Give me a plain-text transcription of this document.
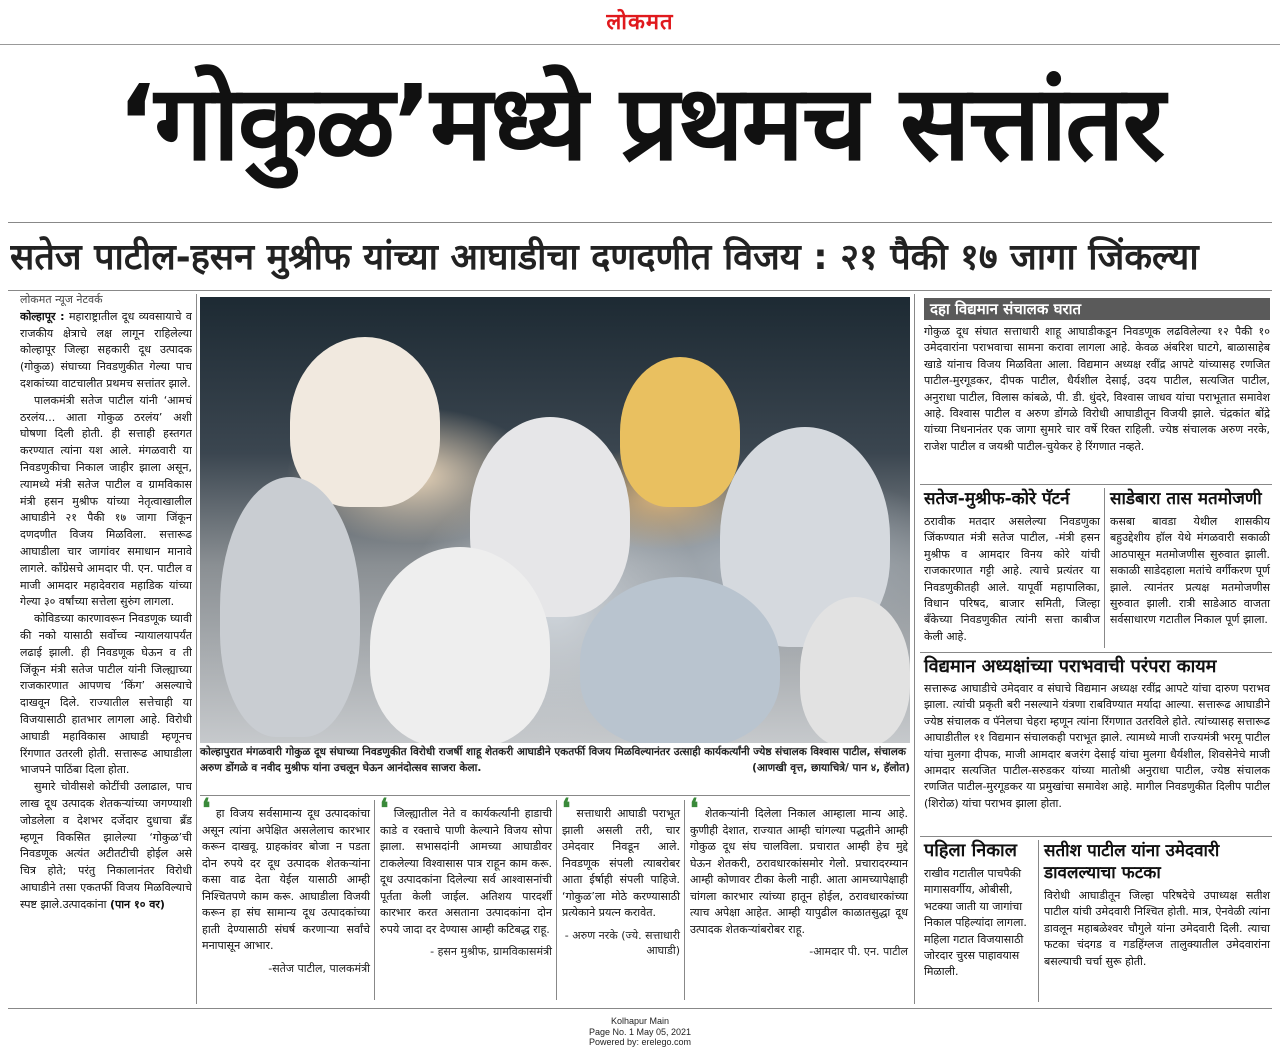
लोकमत
‘गोकुळ’मध्ये प्रथमच सत्तांतर
सतेज पाटील-हसन मुश्रीफ यांच्या आघाडीचा दणदणीत विजय : २१ पैकी १७ जागा जिंकल्या
लोकमत न्यूज नेटवर्क

कोल्हापूर : महाराष्ट्रातील दूध व्यवसायाचे व राजकीय क्षेत्राचे लक्ष लागून राहिलेल्या कोल्हापूर जिल्हा सहकारी दूध उत्पादक (गोकुळ) संघाच्या निवडणुकीत गेल्या पाच दशकांच्या वाटचालीत प्रथमच सत्तांतर झाले.

पालकमंत्री सतेज पाटील यांनी ‘आमचं ठरलंय... आता गोकुळ ठरलंय’ अशी घोषणा दिली होती. ही सत्ताही हस्तगत करण्यात त्यांना यश आले. मंगळवारी या निवडणुकीचा निकाल जाहीर झाला असून, त्यामध्ये मंत्री सतेज पाटील व ग्रामविकास मंत्री हसन मुश्रीफ यांच्या नेतृत्वाखालील आघाडीने २१ पैकी १७ जागा जिंकून दणदणीत विजय मिळविला. सत्तारूढ आघाडीला चार जागांवर समाधान मानावे लागले. काँग्रेसचे आमदार पी. एन. पाटील व माजी आमदार महादेवराव महाडिक यांच्या गेल्या ३० वर्षांच्या सत्तेला सुरुंग लागला.

कोविडच्या कारणावरून निवडणूक घ्यावी की नको यासाठी सर्वोच्च न्यायालयापर्यंत लढाई झाली. ही निवडणूक घेऊन व ती जिंकून मंत्री सतेज पाटील यांनी जिल्ह्याच्या राजकारणात आपणच ‘किंग’ असल्याचे दाखवून दिले. राज्यातील सत्तेचाही या विजयासाठी हातभार लागला आहे. विरोधी आघाडी महाविकास आघाडी म्हणूनच रिंगणात उतरली होती. सत्तारूढ आघाडीला भाजपने पाठिंबा दिला होता.

सुमारे चोवीसशे कोटींची उलाढाल, पाच लाख दूध उत्पादक शेतकऱ्यांच्या जगण्याशी जोडलेला व देशभर दर्जेदार दुधाचा ब्रँड म्हणून विकसित झालेल्या ‘गोकुळ’ची निवडणूक अत्यंत अटीतटीची होईल असे चित्र होते; परंतु निकालानंतर विरोधी आघाडीने तसा एकतर्फी विजय मिळविल्याचे स्पष्ट झाले.उत्पादकांना (पान १० वर)

कोल्हापुरात मंगळवारी गोकुळ दूध संघाच्या निवडणुकीत विरोधी राजर्षी शाहू शेतकरी आघाडीने एकतर्फी विजय मिळविल्यानंतर उत्साही कार्यकर्त्यांनी ज्येष्ठ संचालक विश्वास पाटील, संचालक अरुण डोंगळे व नवीद मुश्रीफ यांना उचलून घेऊन आनंदोत्सव साजरा केला.	(आणखी वृत्त, छायाचित्रे/ पान ४, हॅलोत)
❛ हा विजय सर्वसामान्य दूध उत्पादकांचा असून त्यांना अपेक्षित असलेलाच कारभार करून दाखवू. ग्राहकांवर बोजा न पडता दोन रुपये दर दूध उत्पादक शेतकऱ्यांना कसा वाढ देता येईल यासाठी आम्ही निश्चितपणे काम करू. आघाडीला विजयी करून हा संघ सामान्य दूध उत्पादकांच्या हाती देण्यासाठी संघर्ष करणाऱ्या सर्वांचे मनापासून आभार.
-सतेज पाटील, पालकमंत्री
❛ जिल्ह्यातील नेते व कार्यकर्त्यांनी हाडाची काडे व रक्ताचे पाणी केल्याने विजय सोपा झाला. सभासदांनी आमच्या आघाडीवर टाकलेल्या विश्वासास पात्र राहून काम करू. दूध उत्पादकांना दिलेल्या सर्व आश्वासनांची पूर्तता केली जाईल. अतिशय पारदर्शी कारभार करत असताना उत्पादकांना दोन रुपये जादा दर देण्यास आम्ही कटिबद्ध राहू.
- हसन मुश्रीफ, ग्रामविकासमंत्री
❛ सत्ताधारी आघाडी पराभूत झाली असली तरी, चार उमेदवार निवडून आले. निवडणूक संपली त्याबरोबर आता ईर्षाही संपली पाहिजे. ‘गोकुळ’ला मोठे करण्यासाठी प्रत्येकाने प्रयत्न करावेत.
- अरुण नरके (ज्ये. सत्ताधारी आघाडी)
❛ शेतकऱ्यांनी दिलेला निकाल आम्हाला मान्य आहे. कुणीही देशात, राज्यात आम्ही चांगल्या पद्धतीने आम्ही गोकुळ दूध संघ चालविला. प्रचारात आम्ही हेच मुद्दे घेऊन शेतकरी, ठरावधारकांसमोर गेलो. प्रचारादरम्यान आम्ही कोणावर टीका केली नाही. आता आमच्यापेक्षाही चांगला कारभार त्यांच्या हातून होईल, ठरावधारकांच्या त्याच अपेक्षा आहेत. आम्ही यापुढील काळातसुद्धा दूध उत्पादक शेतकऱ्यांबरोबर राहू.
-आमदार पी. एन. पाटील
दहा विद्यमान संचालक घरात
गोकुळ दूध संघात सत्ताधारी शाहू आघाडीकडून निवडणूक लढविलेल्या १२ पैकी १० उमेदवारांना पराभवाचा सामना करावा लागला आहे. केवळ अंबरिश घाटगे, बाळासाहेब खाडे यांनाच विजय मिळविता आला. विद्यमान अध्यक्ष रवींद्र आपटे यांच्यासह रणजित पाटील-मुरगूडकर, दीपक पाटील, धैर्यशील देसाई, उदय पाटील, सत्यजित पाटील, अनुराधा पाटील, विलास कांबळे, पी. डी. धुंदरे, विश्वास जाधव यांचा पराभूतात समावेश आहे. विश्वास पाटील व अरुण डोंगळे विरोधी आघाडीतून विजयी झाले. चंद्रकांत बोंद्रे यांच्या निधनानंतर एक जागा सुमारे चार वर्षे रिक्त राहिली. ज्येष्ठ संचालक अरुण नरके, राजेश पाटील व जयश्री पाटील-चुयेकर हे रिंगणात नव्हते.
सतेज-मुश्रीफ-कोरे पॅटर्न
ठरावीक मतदार असलेल्या निवडणुका जिंकण्यात मंत्री सतेज पाटील, -मंत्री हसन मुश्रीफ व आमदार विनय कोरे यांची राजकारणात गट्टी आहे. त्याचे प्रत्यंतर या निवडणुकीतही आले. यापूर्वी महापालिका, विधान परिषद, बाजार समिती, जिल्हा बँकेच्या निवडणुकीत त्यांनी सत्ता काबीज केली आहे.
साडेबारा तास मतमोजणी
कसबा बावडा येथील शासकीय बहुउद्देशीय हॉल येथे मंगळवारी सकाळी आठपासून मतमोजणीस सुरुवात झाली. सकाळी साडेदहाला मतांचे वर्गीकरण पूर्ण झाले. त्यानंतर प्रत्यक्ष मतमोजणीस सुरुवात झाली. रात्री साडेआठ वाजता सर्वसाधारण गटातील निकाल पूर्ण झाला.
विद्यमान अध्यक्षांच्या पराभवाची परंपरा कायम
सत्तारूढ आघाडीचे उमेदवार व संघाचे विद्यमान अध्यक्ष रवींद्र आपटे यांचा दारुण पराभव झाला. त्यांची प्रकृती बरी नसल्याने यंत्रणा राबविण्यात मर्यादा आल्या. सत्तारूढ आघाडीने ज्येष्ठ संचालक व पॅनेलचा चेहरा म्हणून त्यांना रिंगणात उतरविले होते. त्यांच्यासह सत्तारूढ आघाडीतील ११ विद्यमान संचालकही पराभूत झाले. त्यामध्ये माजी राज्यमंत्री भरमू पाटील यांचा मुलगा दीपक, माजी आमदार बजरंग देसाई यांचा मुलगा धैर्यशील, शिवसेनेचे माजी आमदार सत्यजित पाटील-सरुडकर यांच्या मातोश्री अनुराधा पाटील, ज्येष्ठ संचालक रणजित पाटील-मुरगूडकर या प्रमुखांचा समावेश आहे. मागील निवडणुकीत दिलीप पाटील (शिरोळ) यांचा पराभव झाला होता.
पहिला निकाल
राखीव गटातील पाचपैकी मागासवर्गीय, ओबीसी, भटक्या जाती या जागांचा निकाल पहिल्यांदा लागला. महिला गटात विजयासाठी जोरदार चुरस पाहावयास मिळाली.
सतीश पाटील यांना उमेदवारी डावलल्याचा फटका
विरोधी आघाडीतून जिल्हा परिषदेचे उपाध्यक्ष सतीश पाटील यांची उमेदवारी निश्चित होती. मात्र, ऐनवेळी त्यांना डावलून महाबळेश्वर चौगुले यांना उमेदवारी दिली. त्याचा फटका चंदगड व गडहिंग्लज तालुक्यातील उमेदवारांना बसल्याची चर्चा सुरू होती.
Kolhapur Main
Page No. 1 May 05, 2021
Powered by: erelego.com
